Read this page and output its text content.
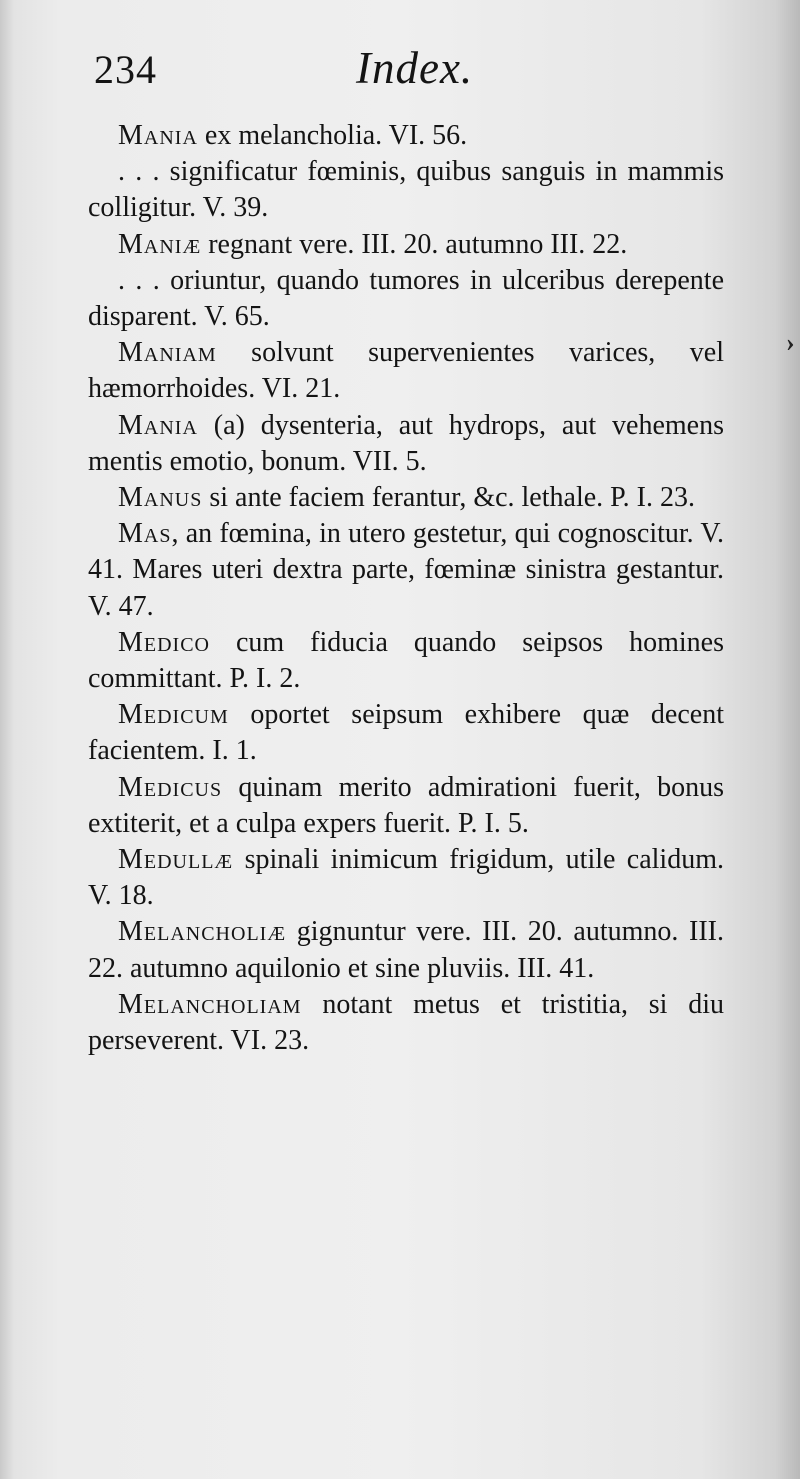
234	Index.

Mania ex melancholia. VI. 56.

. . . significatur fœminis, quibus sanguis in mammis colligitur. V. 39.

Maniæ regnant vere. III. 20. autumno III. 22.

. . . oriuntur, quando tumores in ulceribus derepente disparent. V. 65.

Maniam solvunt supervenientes varices, vel hæmorrhoides. VI. 21.

Mania (a) dysenteria, aut hydrops, aut vehemens mentis emotio, bonum. VII. 5.

Manus si ante faciem ferantur, &c. lethale. P. I. 23.

Mas, an fœmina, in utero gestetur, qui cognoscitur. V. 41. Mares uteri dextra parte, fœminæ sinistra gestantur. V. 47.

Medico cum fiducia quando seipsos homines committant. P. I. 2.

Medicum oportet seipsum exhibere quæ decent facientem. I. 1.

Medicus quinam merito admirationi fuerit, bonus extiterit, et a culpa expers fuerit. P. I. 5.

Medullæ spinali inimicum frigidum, utile calidum. V. 18.

Melancholiæ gignuntur vere. III. 20. autumno. III. 22. autumno aquilonio et sine pluviis. III. 41.

Melancholiam notant metus et tristitia, si diu perseverent. VI. 23.

›
